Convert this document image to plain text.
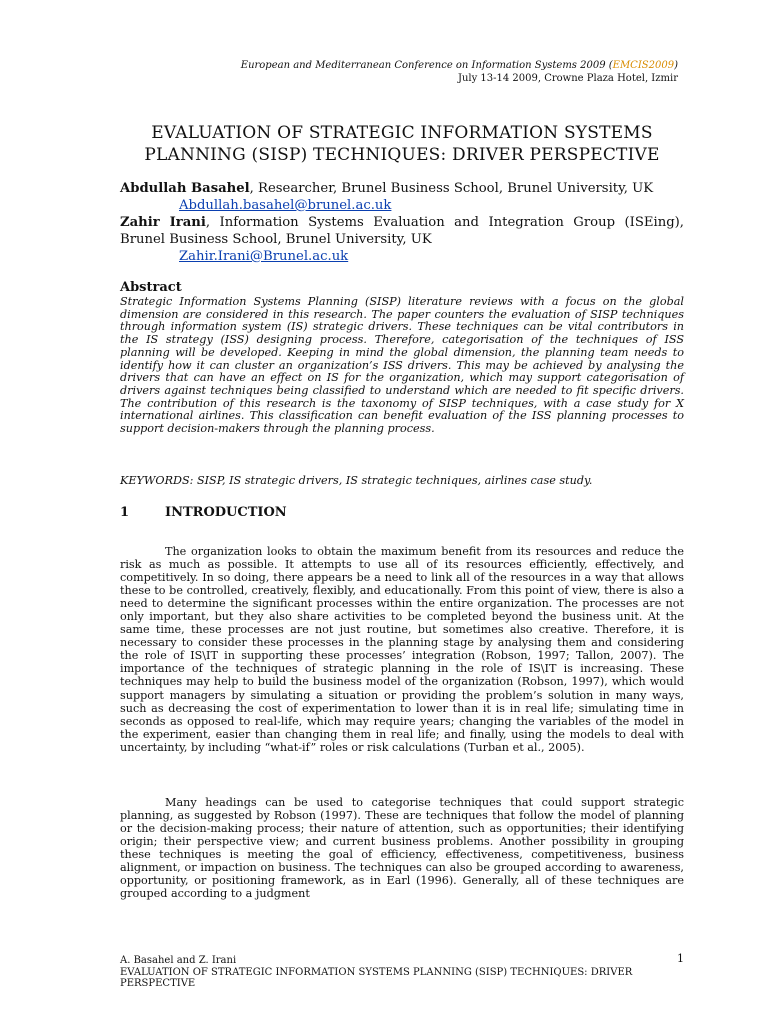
European and Mediterranean Conference on Information Systems 2009 (EMCIS2009)
July 13-14 2009, Crowne Plaza Hotel, Izmir
EVALUATION OF STRATEGIC INFORMATION SYSTEMS
PLANNING (SISP) TECHNIQUES: DRIVER PERSPECTIVE
Abdullah Basahel, Researcher, Brunel Business School, Brunel University, UK
Abdullah.basahel@brunel.ac.uk
Zahir Irani, Information Systems Evaluation and Integration Group (ISEing), Brunel Business School, Brunel University, UK
Zahir.Irani@Brunel.ac.uk
Abstract
Strategic Information Systems Planning (SISP) literature reviews with a focus on the global dimension are considered in this research. The paper counters the evaluation of SISP techniques through information system (IS) strategic drivers. These techniques can be vital contributors in the IS strategy (ISS) designing process. Therefore, categorisation of the techniques of ISS planning will be developed. Keeping in mind the global dimension, the planning team needs to identify how it can cluster an organization’s ISS drivers. This may be achieved by analysing the drivers that can have an effect on IS for the organization, which may support categorisation of drivers against techniques being classified to understand which are needed to fit specific drivers. The contribution of this research is the taxonomy of SISP techniques, with a case study for X international airlines. This classification can benefit evaluation of the ISS planning processes to support decision-makers through the planning process.
KEYWORDS: SISP, IS strategic drivers, IS strategic techniques, airlines case study.
1	INTRODUCTION

The organization looks to obtain the maximum benefit from its resources and reduce the risk as much as possible. It attempts to use all of its resources efficiently, effectively, and competitively. In so doing, there appears be a need to link all of the resources in a way that allows these to be controlled, creatively, flexibly, and educationally. From this point of view, there is also a need to determine the significant processes within the entire organization. The processes are not only important, but they also share activities to be completed beyond the business unit. At the same time, these processes are not just routine, but sometimes also creative. Therefore, it is necessary to consider these processes in the planning stage by analysing them and considering the role of IS\IT in supporting these processes’ integration (Robson, 1997; Tallon, 2007). The importance of the techniques of strategic planning in the role of IS\IT is increasing. These techniques may help to build the business model of the organization (Robson, 1997), which would support managers by simulating a situation or providing the problem’s solution in many ways, such as decreasing the cost of experimentation to lower than it is in real life; simulating time in seconds as opposed to real-life, which may require years; changing the variables of the model in the experiment, easier than changing them in real life; and finally, using the models to deal with uncertainty, by including “what-if” roles or risk calculations (Turban et al., 2005).

Many headings can be used to categorise techniques that could support strategic planning, as suggested by Robson (1997). These are techniques that follow the model of planning or the decision-making process; their nature of attention, such as opportunities; their identifying origin; their perspective view; and current business problems. Another possibility in grouping these techniques is meeting the goal of efficiency, effectiveness, competitiveness, business alignment, or impaction on business. The techniques can also be grouped according to awareness, opportunity, or positioning framework, as in Earl (1996). Generally, all of these techniques are grouped according to a judgment

A. Basahel and Z. Irani
EVALUATION OF STRATEGIC INFORMATION SYSTEMS PLANNING (SISP) TECHNIQUES: DRIVER PERSPECTIVE
1
